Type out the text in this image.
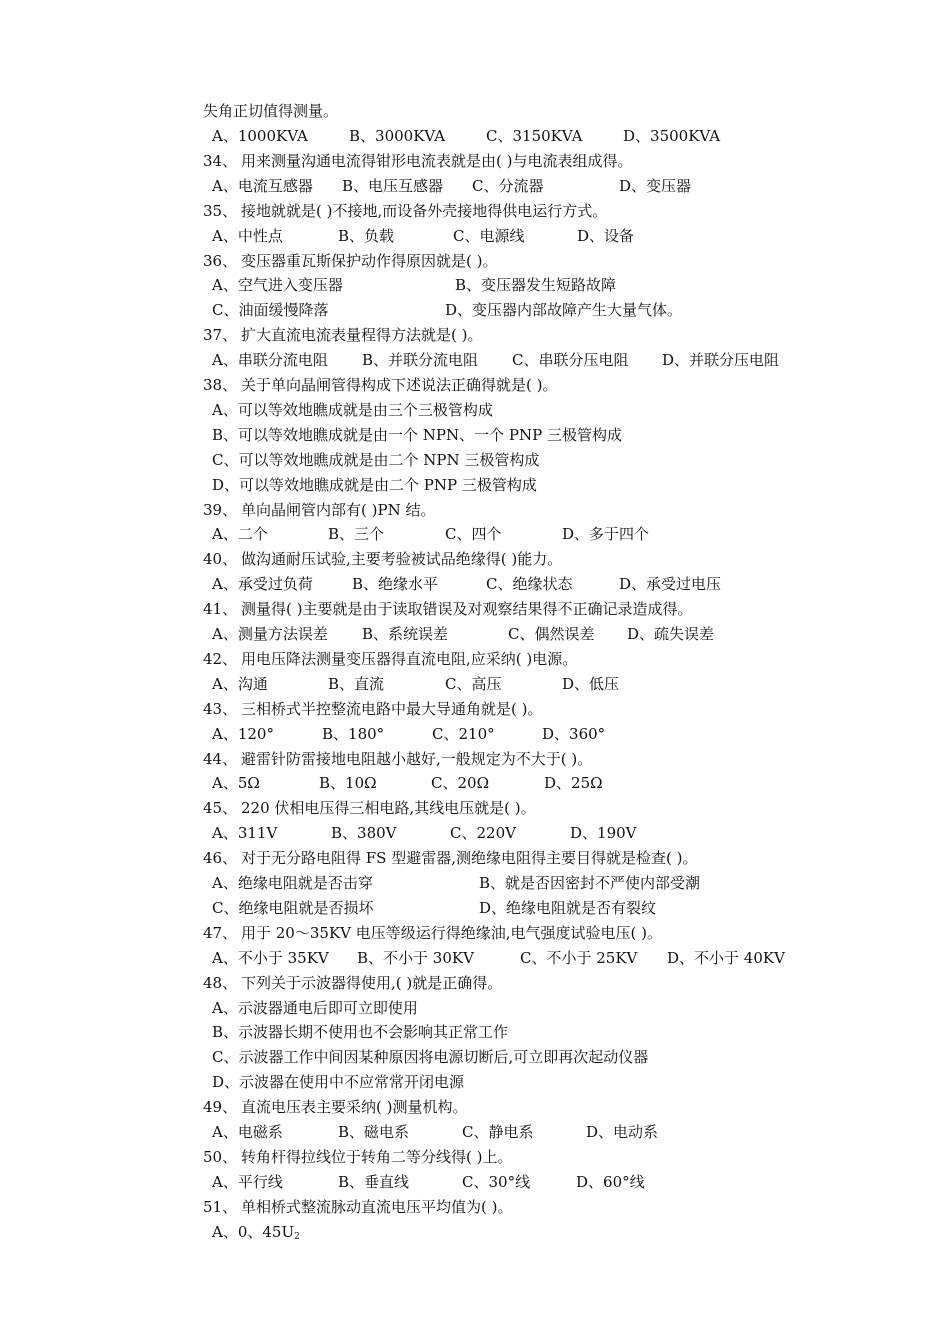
失角正切值得测量。
A、1000KVA	B、3000KVA	C、3150KVA	D、3500KVA
34、 用来测量沟通电流得钳形电流表就是由( )与电流表组成得。
A、电流互感器 B、电压互感器 C、分流器	D、变压器
35、 接地就就是( )不接地,而设备外壳接地得供电运行方式。
A、中性点	B、负载	C、电源线	D、设备
36、 变压器重瓦斯保护动作得原因就是( )。
A、空气进入变压器	B、变压器发生短路故障
C、油面缓慢降落	D、变压器内部故障产生大量气体。
37、 扩大直流电流表量程得方法就是( )。
A、串联分流电阻 B、并联分流电阻 C、串联分压电阻 D、并联分压电阻
38、 关于单向晶闸管得构成下述说法正确得就是( )。
A、可以等效地瞧成就是由三个三极管构成
B、可以等效地瞧成就是由一个 NPN、一个 PNP 三极管构成
C、可以等效地瞧成就是由二个 NPN 三极管构成
D、可以等效地瞧成就是由二个 PNP 三极管构成
39、 单向晶闸管内部有( )PN 结。
A、二个	B、三个	C、四个	D、多于四个
40、 做沟通耐压试验,主要考验被试品绝缘得( )能力。
A、承受过负荷	B、绝缘水平	C、绝缘状态	D、承受过电压
41、 测量得( )主要就是由于读取错误及对观察结果得不正确记录造成得。
A、测量方法误差 B、系统误差	C、偶然误差 D、疏失误差
42、 用电压降法测量变压器得直流电阻,应采纳( )电源。
A、沟通	B、直流	C、高压	D、低压
43、 三相桥式半控整流电路中最大导通角就是( )。
A、120°	B、180°	C、210°	D、360°
44、 避雷针防雷接地电阻越小越好,一般规定为不大于( )。
A、5Ω	B、10Ω	C、20Ω	D、25Ω
45、 220 伏相电压得三相电路,其线电压就是( )。
A、311V	B、380V	C、220V	D、190V
46、 对于无分路电阻得 FS 型避雷器,测绝缘电阻得主要目得就是检查( )。
A、绝缘电阻就是否击穿	B、就是否因密封不严使内部受潮
C、绝缘电阻就是否损坏	D、绝缘电阻就是否有裂纹
47、 用于 20～35KV 电压等级运行得绝缘油,电气强度试验电压( )。
A、不小于 35KV B、不小于 30KV	C、不小于 25KV D、不小于 40KV
48、 下列关于示波器得使用,( )就是正确得。
A、示波器通电后即可立即使用
B、示波器长期不使用也不会影响其正常工作
C、示波器工作中间因某种原因将电源切断后,可立即再次起动仪器
D、示波器在使用中不应常常开闭电源
49、 直流电压表主要采纳( )测量机构。
A、电磁系	B、磁电系	C、静电系	D、电动系
50、 转角杆得拉线位于转角二等分线得( )上。
A、平行线	B、垂直线	C、30°线	D、60°线
51、 单相桥式整流脉动直流电压平均值为( )。
A、0、$45U_2$
